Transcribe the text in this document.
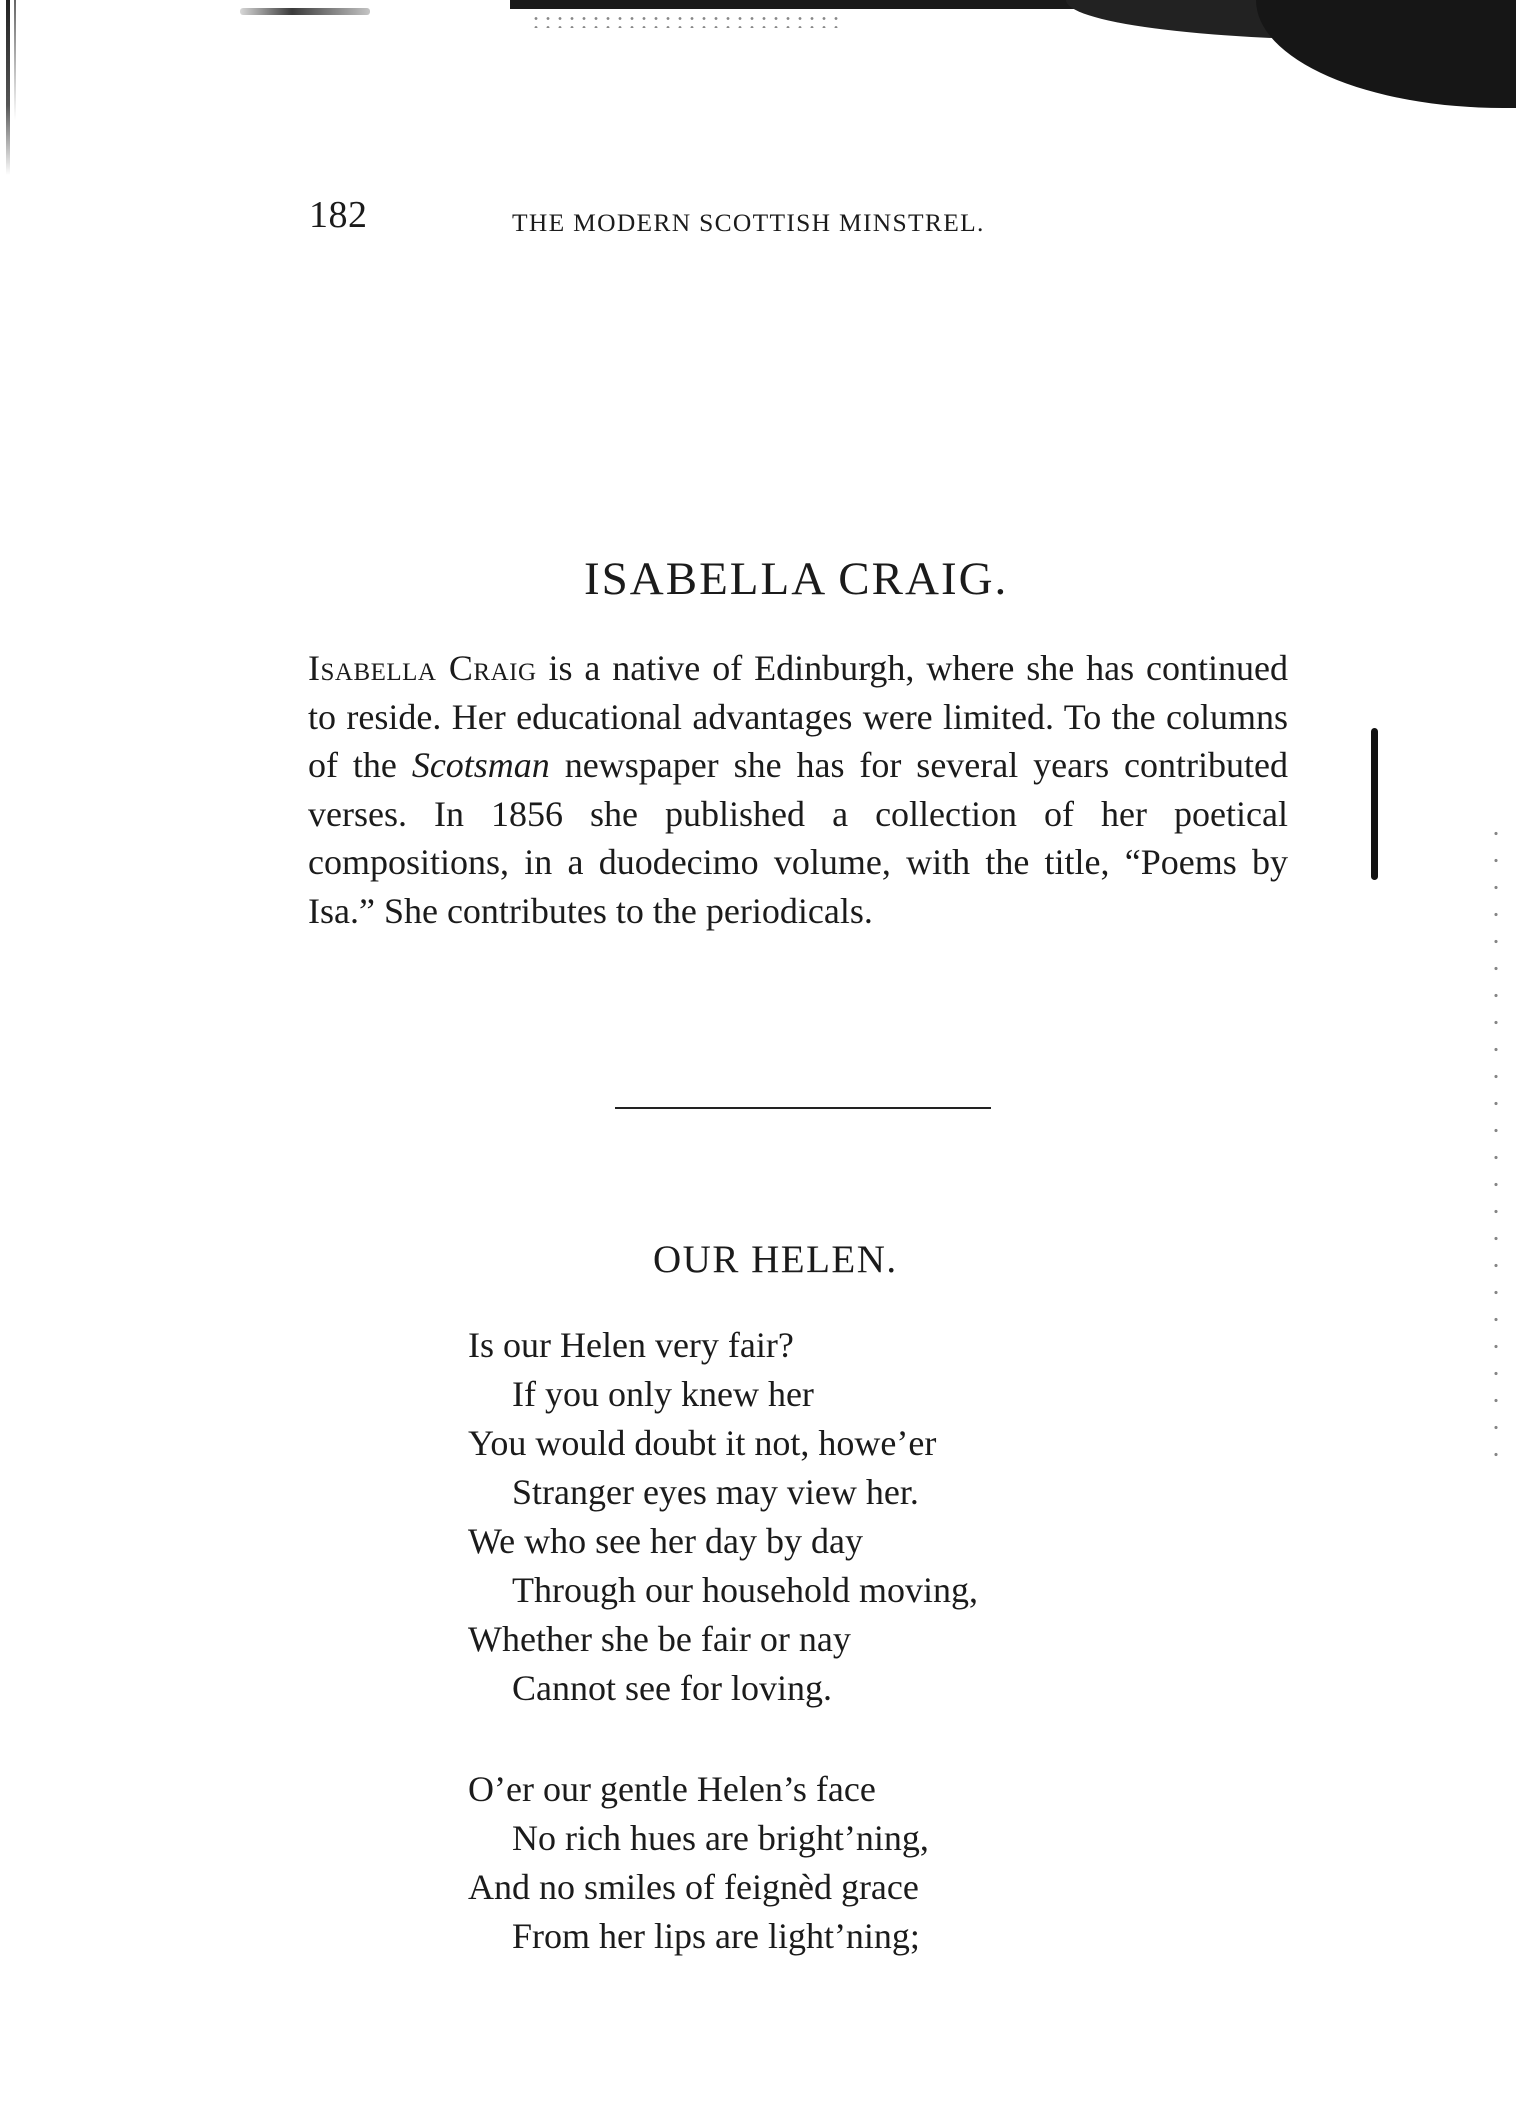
182	THE MODERN SCOTTISH MINSTREL.
ISABELLA CRAIG.

Isabella Craig is a native of Edinburgh, where she has continued to reside. Her educational advantages were limited. To the columns of the Scotsman newspaper she has for several years contributed verses. In 1856 she published a collection of her poetical compositions, in a duodecimo volume, with the title, “Poems by Isa.” She contributes to the periodicals.

OUR HELEN.
Is our Helen very fair?
If you only knew her
You would doubt it not, howe’er
Stranger eyes may view her.
We who see her day by day
Through our household moving,
Whether she be fair or nay
Cannot see for loving.
O’er our gentle Helen’s face
No rich hues are bright’ning,
And no smiles of feignèd grace
From her lips are light’ning;
